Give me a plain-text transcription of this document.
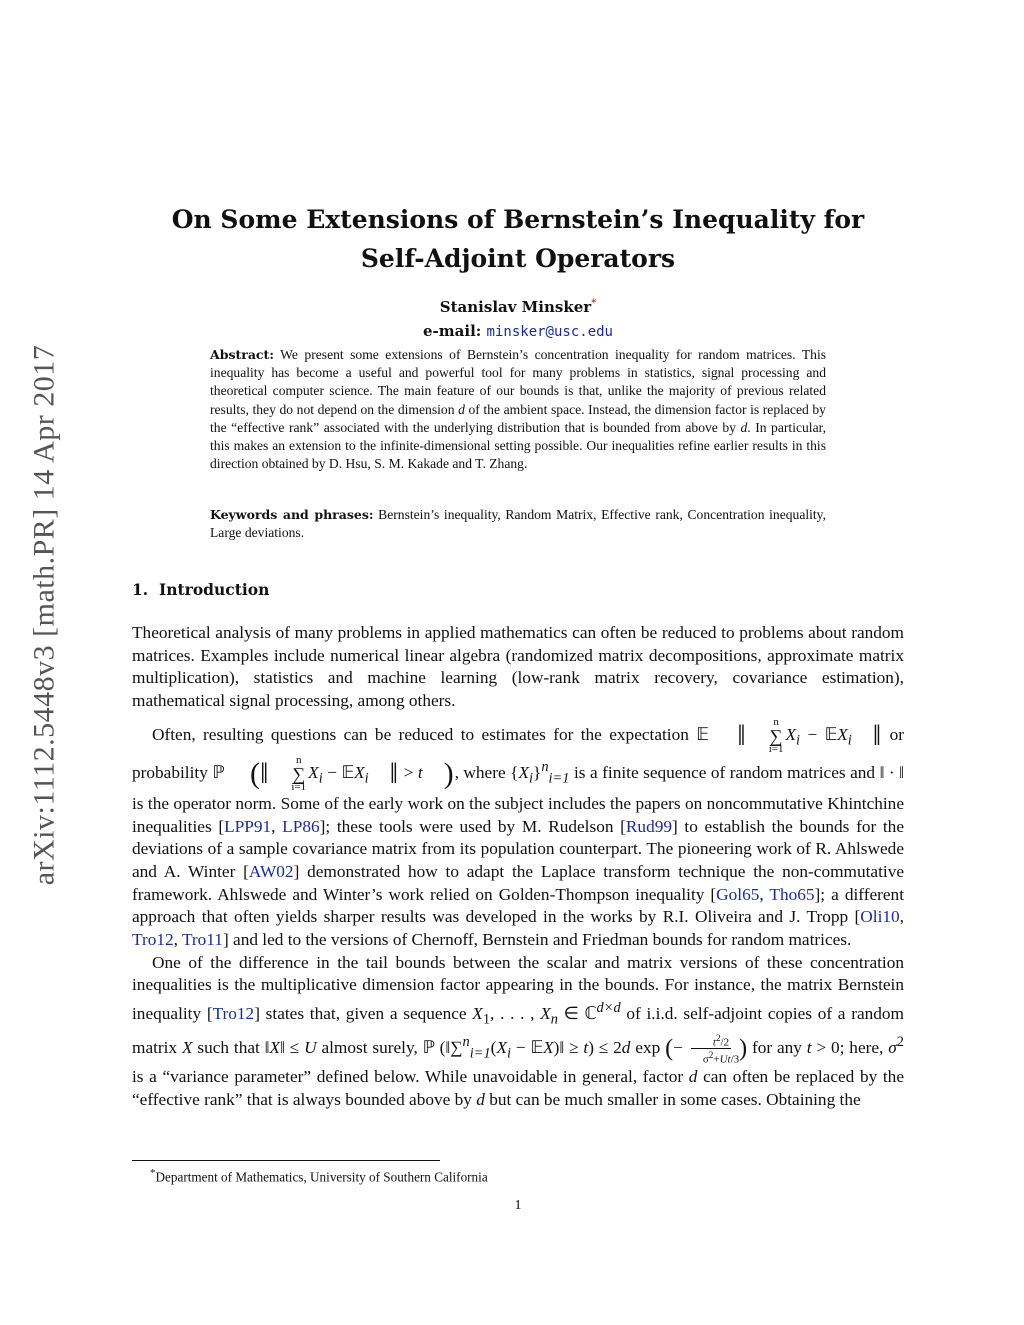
arXiv:1112.5448v3 [math.PR] 14 Apr 2017
On Some Extensions of Bernstein’s Inequality for
Self-Adjoint Operators
Stanislav Minsker*
e-mail: minsker@usc.edu
Abstract: We present some extensions of Bernstein’s concentration inequality for random matrices. This inequality has become a useful and powerful tool for many problems in statistics, signal processing and theoretical computer science. The main feature of our bounds is that, unlike the majority of previous related results, they do not depend on the dimension d of the ambient space. Instead, the dimension factor is replaced by the “effective rank” associated with the underlying distribution that is bounded from above by d. In particular, this makes an extension to the infinite-dimensional setting possible. Our inequalities refine earlier results in this direction obtained by D. Hsu, S. M. Kakade and T. Zhang.
Keywords and phrases: Bernstein’s inequality, Random Matrix, Effective rank, Concentration inequality, Large deviations.
1. Introduction

Theoretical analysis of many problems in applied mathematics can often be reduced to problems about random matrices. Examples include numerical linear algebra (randomized matrix decompositions, approximate matrix multiplication), statistics and machine learning (low-rank matrix recovery, covariance estimation), mathematical signal processing, among others.

Often, resulting questions can be reduced to estimates for the expectation 𝔼 ‖	n
∑
i=1
$X_i$ − 𝔼X$_i$ ‖ or probability ℙ (‖	n
∑
i=1
$X_i$ − 𝔼X$_i$ ‖ > t ), where $\{X_i\}^n_{i=1}$ is a finite sequence of random matrices and ‖ · ‖ is the operator norm. Some of the early work on the subject includes the papers on noncommutative Khintchine inequalities [LPP91, LP86]; these tools were used by M. Rudelson [Rud99] to establish the bounds for the deviations of a sample covariance matrix from its population counterpart. The pioneering work of R. Ahlswede and A. Winter [AW02] demonstrated how to adapt the Laplace transform technique the non-commutative framework. Ahlswede and Winter’s work relied on Golden-Thompson inequality [Gol65, Tho65]; a different approach that often yields sharper results was developed in the works by R.I. Oliveira and J. Tropp [Oli10, Tro12, Tro11] and led to the versions of Chernoff, Bernstein and Friedman bounds for random matrices.

One of the difference in the tail bounds between the scalar and matrix versions of these concentration inequalities is the multiplicative dimension factor appearing in the bounds. For instance, the matrix Bernstein inequality [Tro12] states that, given a sequence $X_1$, . . . , $X_n$ ∈ ℂ$^{d\times d}$ of i.i.d. self-adjoint copies of a random matrix X such that ‖X‖ ≤ U almost surely, ℙ ($‖\sum^n_{i=1}(X_i$ − 𝔼X)‖ ≥ t) ≤ 2d exp (− $\frac{t^2/2}{\sigma^2+Ut/3}$ ) for any t > 0; here, $\sigma^2$ is a “variance parameter” defined below. While unavoidable in general, factor d can often be replaced by the “effective rank” that is always bounded above by d but can be much smaller in some cases. Obtaining the

*Department of Mathematics, University of Southern California
1
